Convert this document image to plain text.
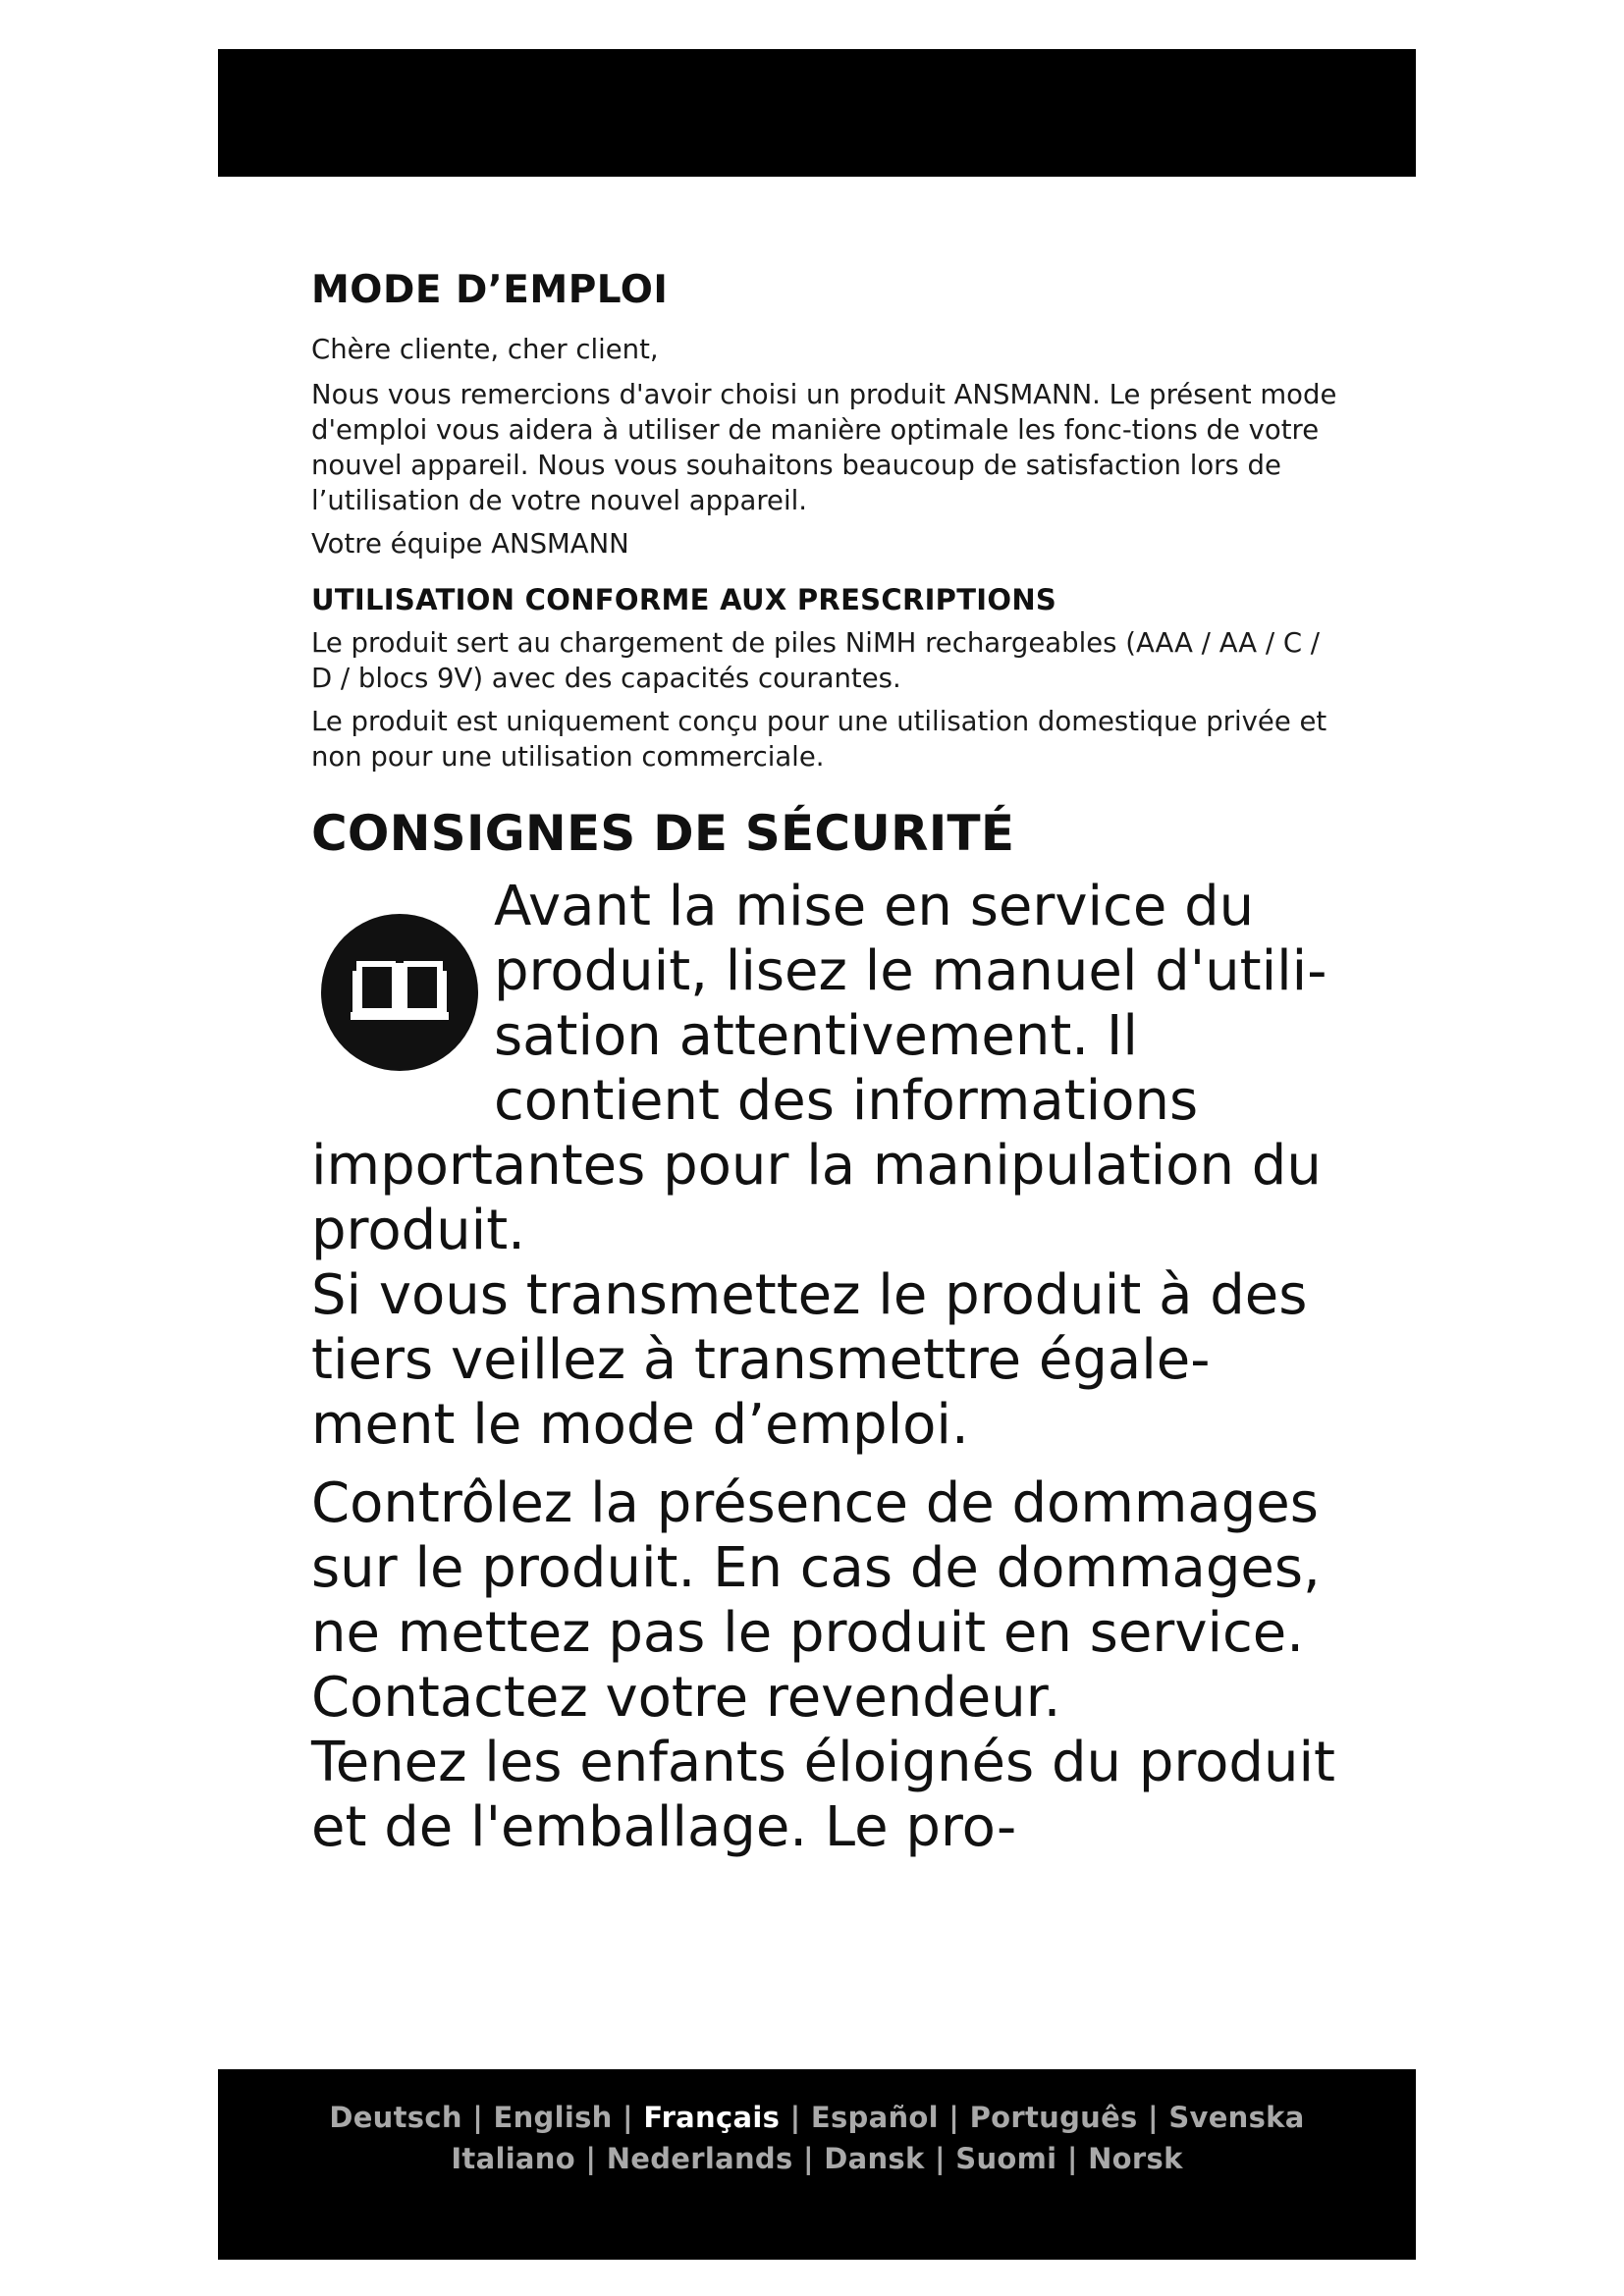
MODE D’EMPLOI

Chère cliente, cher client,

Nous vous remercions d'avoir choisi un produit ANSMANN. Le présent mode d'emploi vous aidera à utiliser de manière optimale les fonc-tions de votre nouvel appareil. Nous vous souhaitons beaucoup de satisfaction lors de l’utilisation de votre nouvel appareil.

Votre équipe ANSMANN

UTILISATION CONFORME AUX PRESCRIPTIONS

Le produit sert au chargement de piles NiMH rechargeables (AAA / AA / C / D / blocs 9V) avec des capacités courantes.

Le produit est uniquement conçu pour une utilisation domestique privée et non pour une utilisation commerciale.

CONSIGNES DE SÉCURITÉ

Avant la mise en service du produit, lisez le manuel d'utili-sation attentivement. Il contient des informations importantes pour la manipulation du produit.

Si vous transmettez le produit à des tiers veillez à transmettre égale-ment le mode d’emploi.

Contrôlez la présence de dommages sur le produit. En cas de dommages, ne mettez pas le produit en service. Contactez votre revendeur.

Tenez les enfants éloignés du produit et de l'emballage. Le pro-

Deutsch | English | Français | Español | Português | Svenska
Italiano | Nederlands | Dansk | Suomi | Norsk
